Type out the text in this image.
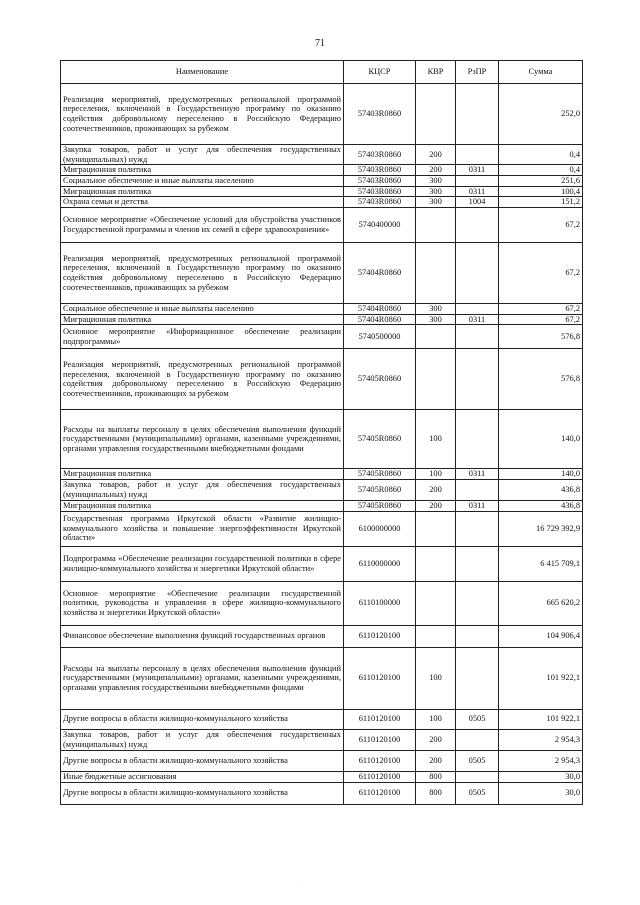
71
Наименование	КЦСР	КВР	РзПР	Сумма
Реализация мероприятий, предусмотренных региональной программой переселения, включенной в Государственную программу по оказанию содействия добровольному переселению в Российскую Федерацию соотечественников, проживающих за рубежом	57403R0860			252,0
Закупка товаров, работ и услуг для обеспечения государственных (муниципальных) нужд	57403R0860	200		0,4
Миграционная политика	57403R0860	200	0311	0,4
Социальное обеспечение и иные выплаты населению	57403R0860	300		251,6
Миграционная политика	57403R0860	300	0311	100,4
Охрана семьи и детства	57403R0860	300	1004	151,2
Основное мероприятие «Обеспечение условий для обустройства участников Государственной программы и членов их семей в сфере здравоохранения»	5740400000			67,2
Реализация мероприятий, предусмотренных региональной программой переселения, включенной в Государственную программу по оказанию содействия добровольному переселению в Российскую Федерацию соотечественников, проживающих за рубежом	57404R0860			67,2
Социальное обеспечение и иные выплаты населению	57404R0860	300		67,2
Миграционная политика	57404R0860	300	0311	67,2
Основное мероприятие «Информационное обеспечение реализации подпрограммы»	5740500000			576,8
Реализация мероприятий, предусмотренных региональной программой переселения, включенной в Государственную программу по оказанию содействия добровольному переселению в Российскую Федерацию соотечественников, проживающих за рубежом	57405R0860			576,8
Расходы на выплаты персоналу в целях обеспечения выполнения функций государственными (муниципальными) органами, казенными учреждениями, органами управления государственными внебюджетными фондами	57405R0860	100		140,0
Миграционная политика	57405R0860	100	0311	140,0
Закупка товаров, работ и услуг для обеспечения государственных (муниципальных) нужд	57405R0860	200		436,8
Миграционная политика	57405R0860	200	0311	436,8
Государственная программа Иркутской области «Развитие жилищно-коммунального хозяйства и повышение энергоэффективности Иркутской области»	6100000000			16 729 392,9
Подпрограмма «Обеспечение реализации государственной политики в сфере жилищно-коммунального хозяйства и энергетики Иркутской области»	6110000000			6 415 709,1
Основное мероприятие «Обеспечение реализации государственной политики, руководства и управления в сфере жилищно-коммунального хозяйства и энергетики Иркутской области»	6110100000			665 620,2
Финансовое обеспечение выполнения функций государственных органов	6110120100			104 906,4
Расходы на выплаты персоналу в целях обеспечения выполнения функций государственными (муниципальными) органами, казенными учреждениями, органами управления государственными внебюджетными фондами	6110120100	100		101 922,1
Другие вопросы в области жилищно-коммунального хозяйства	6110120100	100	0505	101 922,1
Закупка товаров, работ и услуг для обеспечения государственных (муниципальных) нужд	6110120100	200		2 954,3
Другие вопросы в области жилищно-коммунального хозяйства	6110120100	200	0505	2 954,3
Иные бюджетные ассигнования	6110120100	800		30,0
Другие вопросы в области жилищно-коммунального хозяйства	6110120100	800	0505	30,0
·
